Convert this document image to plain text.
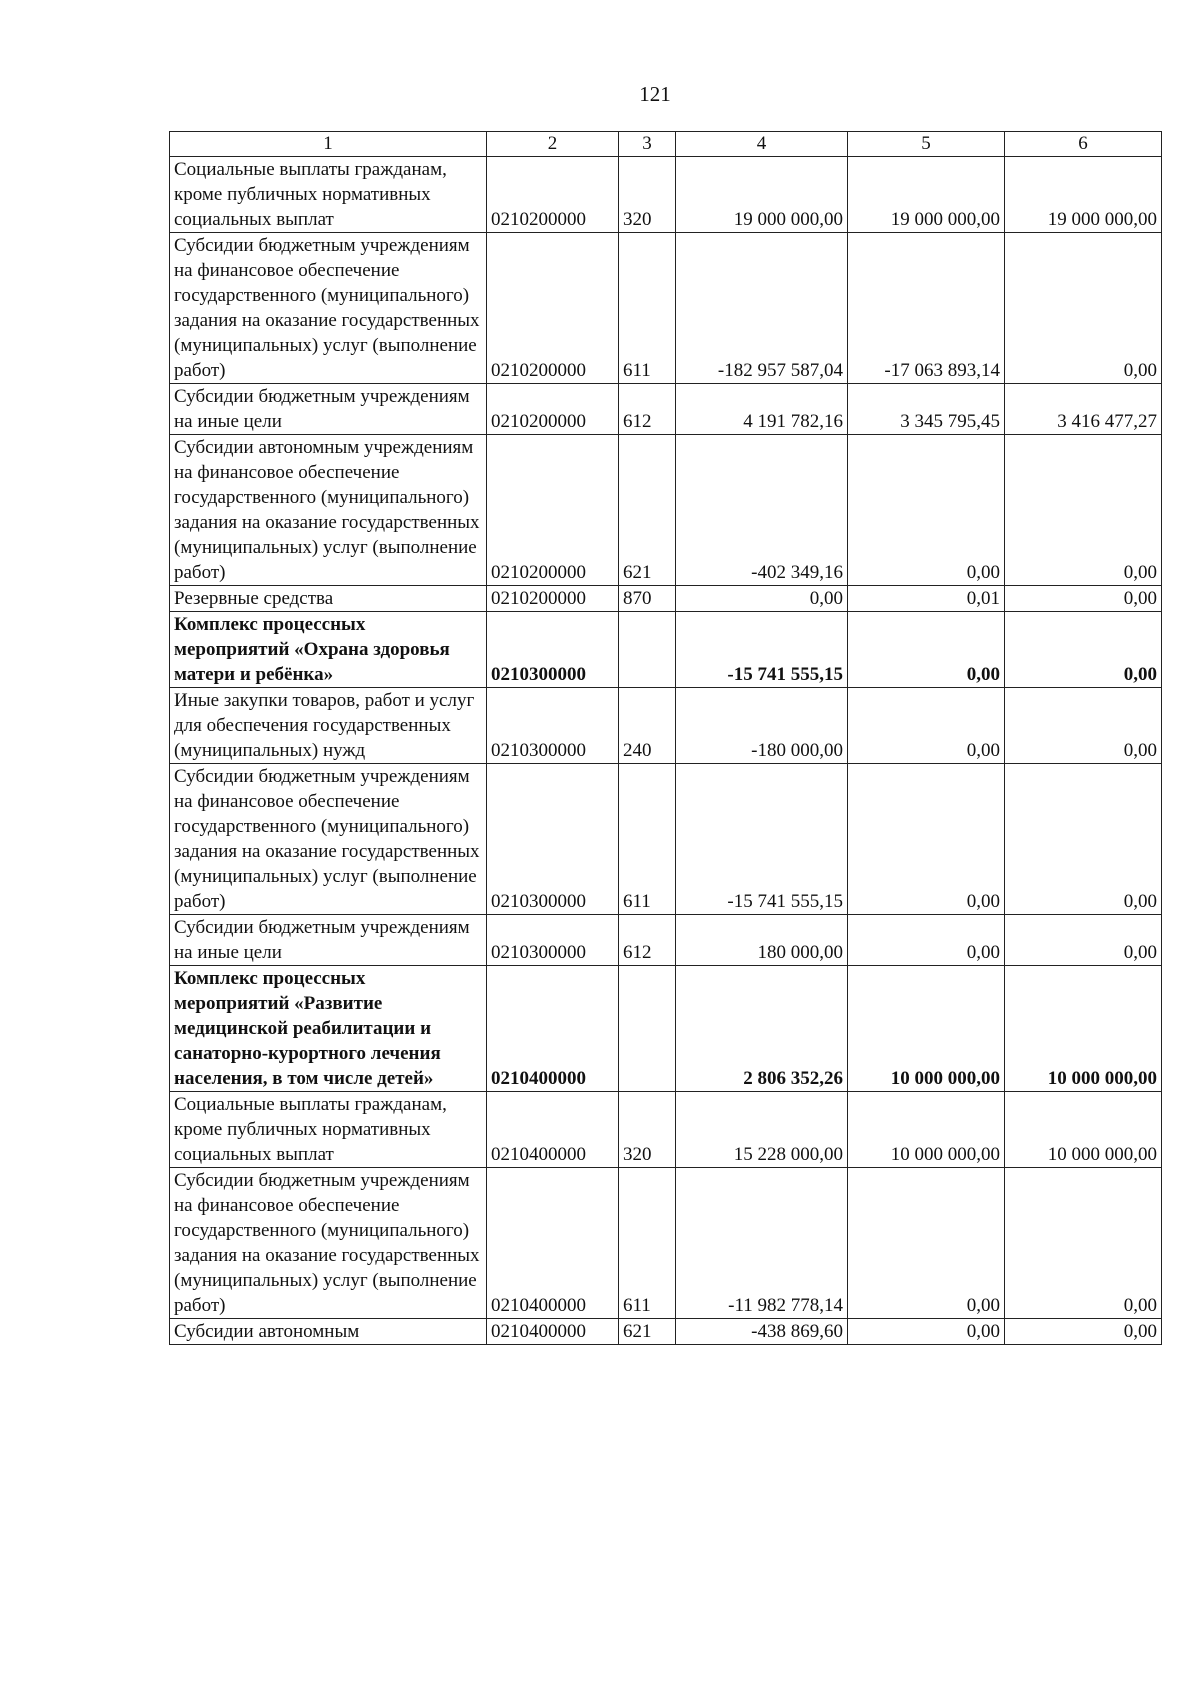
121
1	2	3	4	5	6
Социальные выплаты гражданам, кроме публичных нормативных социальных выплат	0210200000	320	19 000 000,00	19 000 000,00	19 000 000,00
Субсидии бюджетным учреждениям на финансовое обеспечение государственного (муниципального) задания на оказание государственных (муниципальных) услуг (выполнение работ)	0210200000	611	-182 957 587,04	-17 063 893,14	0,00
Субсидии бюджетным учреждениям на иные цели	0210200000	612	4 191 782,16	3 345 795,45	3 416 477,27
Субсидии автономным учреждениям на финансовое обеспечение государственного (муниципального) задания на оказание государственных (муниципальных) услуг (выполнение работ)	0210200000	621	-402 349,16	0,00	0,00
Резервные средства	0210200000	870	0,00	0,01	0,00
Комплекс процессных мероприятий «Охрана здоровья матери и ребёнка»	0210300000		-15 741 555,15	0,00	0,00
Иные закупки товаров, работ и услуг для обеспечения государственных (муниципальных) нужд	0210300000	240	-180 000,00	0,00	0,00
Субсидии бюджетным учреждениям на финансовое обеспечение государственного (муниципального) задания на оказание государственных (муниципальных) услуг (выполнение работ)	0210300000	611	-15 741 555,15	0,00	0,00
Субсидии бюджетным учреждениям на иные цели	0210300000	612	180 000,00	0,00	0,00
Комплекс процессных мероприятий «Развитие медицинской реабилитации и санаторно-курортного лечения населения, в том числе детей»	0210400000		2 806 352,26	10 000 000,00	10 000 000,00
Социальные выплаты гражданам, кроме публичных нормативных социальных выплат	0210400000	320	15 228 000,00	10 000 000,00	10 000 000,00
Субсидии бюджетным учреждениям на финансовое обеспечение государственного (муниципального) задания на оказание государственных (муниципальных) услуг (выполнение работ)	0210400000	611	-11 982 778,14	0,00	0,00
Субсидии автономным	0210400000	621	-438 869,60	0,00	0,00
